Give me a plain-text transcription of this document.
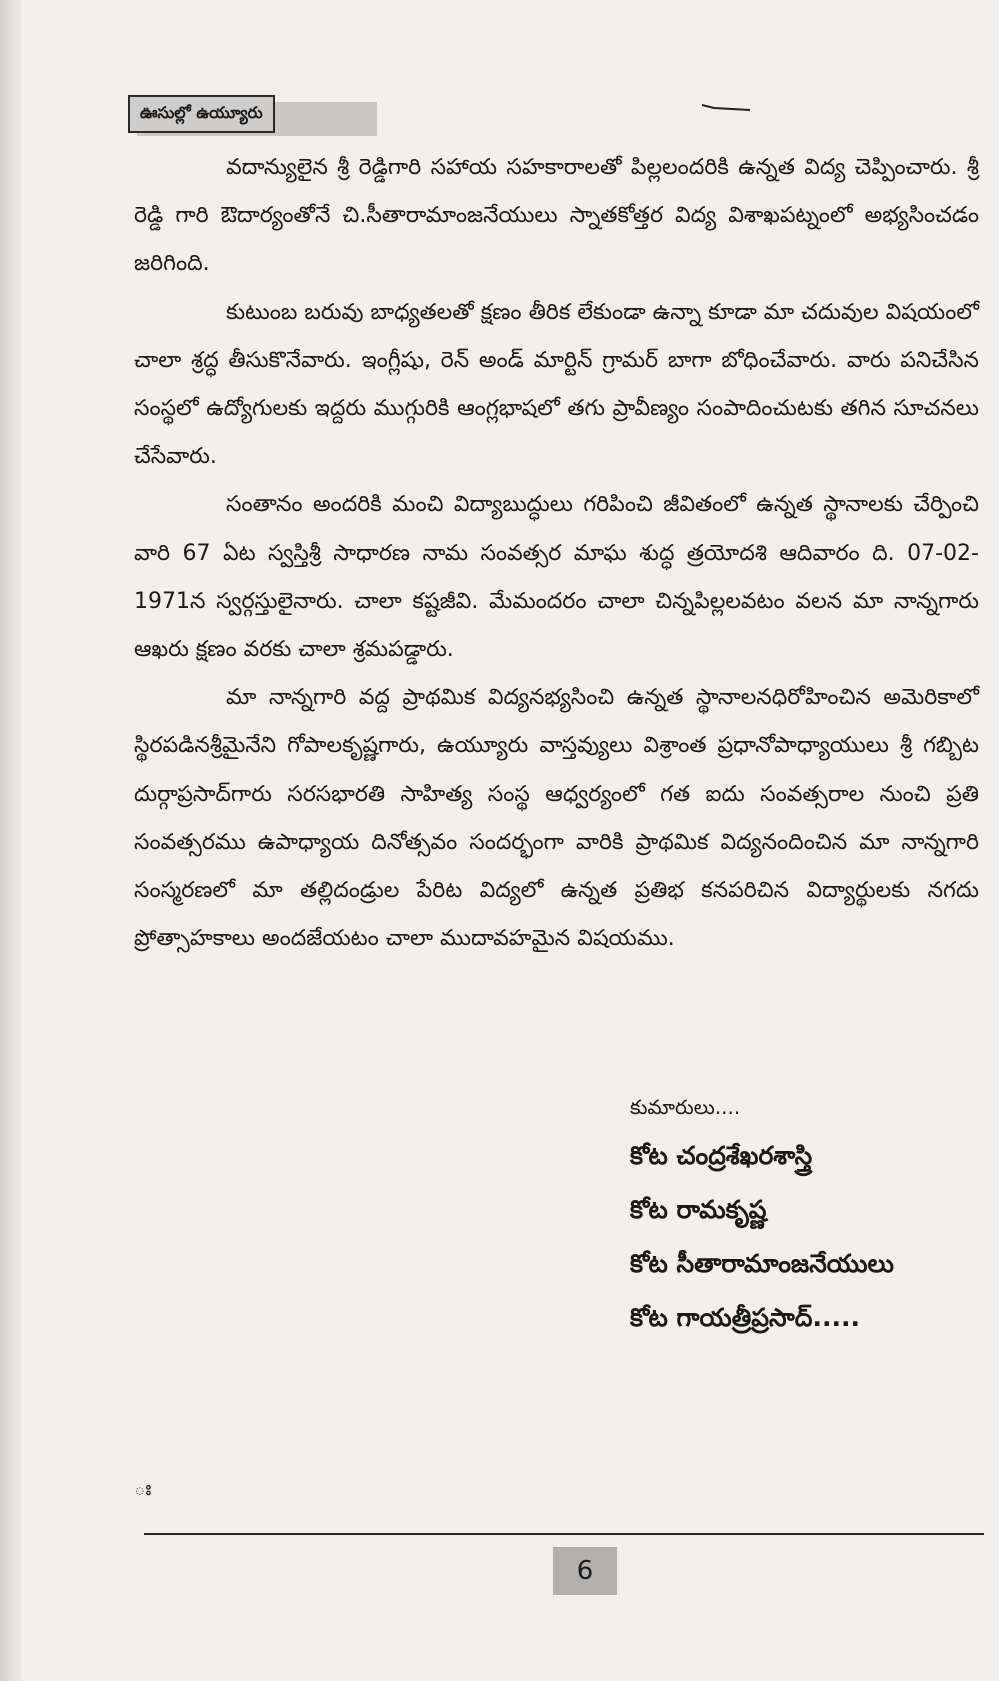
ఊసుల్లో ఉయ్యూరు

వదాన్యులైన శ్రీ రెడ్డిగారి సహాయ సహకారాలతో పిల్లలందరికి ఉన్నత విద్య చెప్పించారు. శ్రీ రెడ్డి గారి ఔదార్యంతోనే చి.సీతారామాంజనేయులు స్నాతకోత్తర విద్య విశాఖపట్నంలో అభ్యసించడం జరిగింది.

కుటుంబ బరువు బాధ్యతలతో క్షణం తీరిక లేకుండా ఉన్నా కూడా మా చదువుల విషయంలో చాలా శ్రద్ధ తీసుకొనేవారు. ఇంగ్లీషు, రెన్ అండ్ మార్టిన్ గ్రామర్ బాగా బోధించేవారు. వారు పనిచేసిన సంస్థలో ఉద్యోగులకు ఇద్దరు ముగ్గురికి ఆంగ్లభాషలో తగు ప్రావీణ్యం సంపాదించుటకు తగిన సూచనలు చేసేవారు.

సంతానం అందరికి మంచి విద్యాబుద్ధులు గరిపించి జీవితంలో ఉన్నత స్థానాలకు చేర్పించి వారి 67 ఏట స్వస్తిశ్రీ సాధారణ నామ సంవత్సర మాఘ శుద్ధ త్రయోదశి ఆదివారం ది. 07-02-1971న స్వర్గస్తులైనారు. చాలా కష్టజీవి. మేమందరం చాలా చిన్నపిల్లలవటం వలన మా నాన్నగారు ఆఖరు క్షణం వరకు చాలా శ్రమపడ్డారు.

మా నాన్నగారి వద్ద ప్రాథమిక విద్యనభ్యసించి ఉన్నత స్థానాలనధిరోహించిన అమెరికాలో స్థిరపడినశ్రీమైనేని గోపాలకృష్ణగారు, ఉయ్యూరు వాస్తవ్యులు విశ్రాంత ప్రధానోపాధ్యాయులు శ్రీ గబ్బిట దుర్గాప్రసాద్‌గారు సరసభారతి సాహిత్య సంస్థ ఆధ్వర్యంలో గత ఐదు సంవత్సరాల నుంచి ప్రతి సంవత్సరము ఉపాధ్యాయ దినోత్సవం సందర్భంగా వారికి ప్రాథమిక విద్యనందించిన మా నాన్నగారి సంస్మరణలో మా తల్లిదండ్రుల పేరిట విద్యలో ఉన్నత ప్రతిభ కనపరిచిన విద్యార్థులకు నగదు ప్రోత్సాహకాలు అందజేయటం చాలా ముదావహమైన విషయము.

కుమారులు....
కోట చంద్రశేఖరశాస్త్రి
కోట రామకృష్ణ
కోట సీతారామాంజనేయులు
కోట గాయత్రీప్రసాద్.....
ః
6
